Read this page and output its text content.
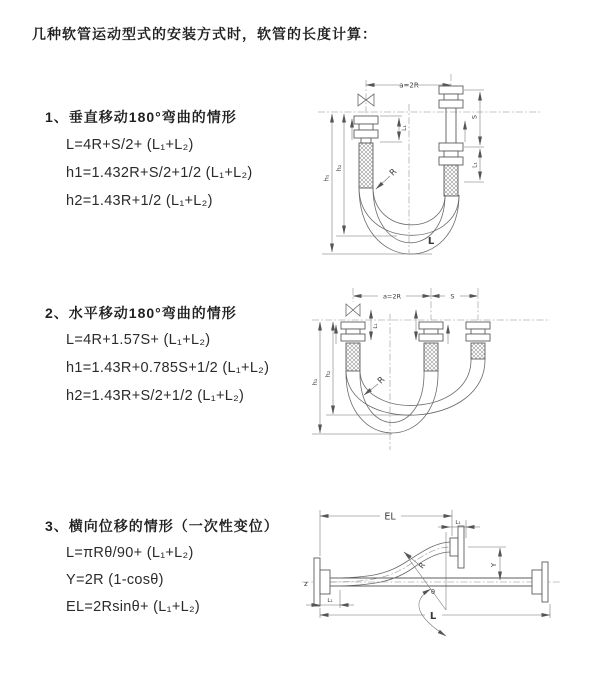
几种软管运动型式的安装方式时，软管的长度计算：
1、垂直移动180°弯曲的情形
L=4R+S/2+ (L₁+L₂)
h1=1.432R+S/2+1/2 (L₁+L₂)
h2=1.43R+1/2 (L₁+L₂)
2、水平移动180°弯曲的情形
L=4R+1.57S+ (L₁+L₂)
h1=1.43R+0.785S+1/2 (L₁+L₂)
h2=1.43R+S/2+1/2 (L₁+L₂)
3、横向位移的情形（一次性变位）
L=πRθ/90+ (L₁+L₂)
Y=2R (1-cosθ)
EL=2Rsinθ+ (L₁+L₂)
a=2R
h₁
h₂
S
L₁
L₁
R
L
a=2R	S
h₁
h₂
L₁
R
z
EL
L₁
Y
θ
R
L₁
L
